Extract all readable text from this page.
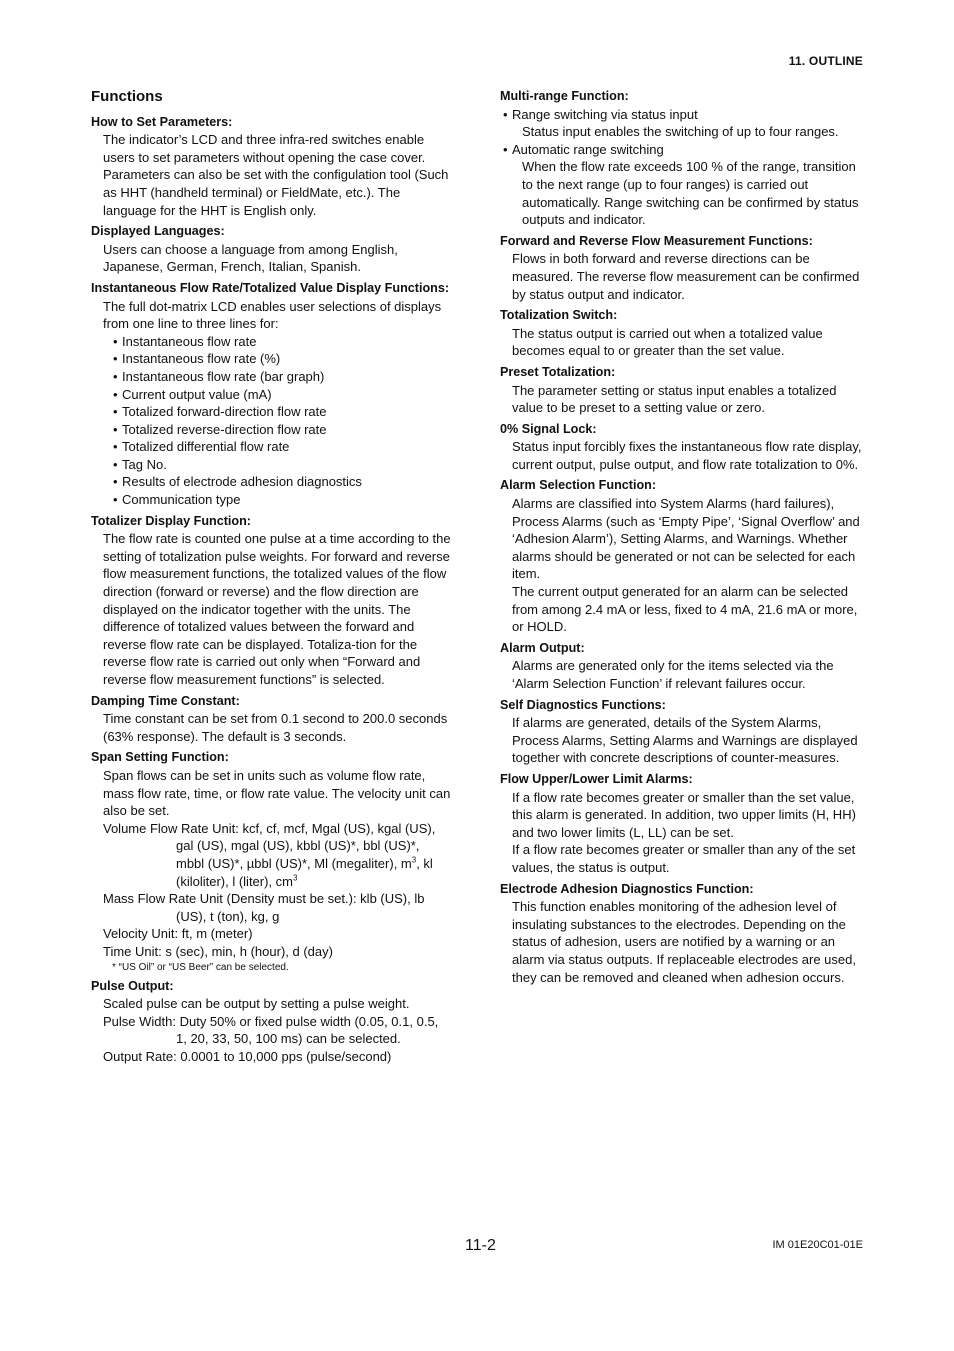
11. OUTLINE
Functions
How to Set Parameters:
The indicator’s LCD and three infra-red switches enable users to set parameters without opening the case cover. Parameters can also be set with the configulation tool (Such as HHT (handheld terminal) or FieldMate, etc.). The language for the HHT is English only.
Displayed Languages:
Users can choose a language from among English, Japanese, German, French, Italian, Spanish.
Instantaneous Flow Rate/Totalized Value Display Functions:
The full dot-matrix LCD enables user selections of displays from one line to three lines for:
• Instantaneous flow rate
• Instantaneous flow rate (%)
• Instantaneous flow rate (bar graph)
• Current output value (mA)
• Totalized forward-direction flow rate
• Totalized reverse-direction flow rate
• Totalized differential flow rate
• Tag No.
• Results of electrode adhesion diagnostics
• Communication type
Totalizer Display Function:
The flow rate is counted one pulse at a time according to the setting of totalization pulse weights. For forward and reverse flow measurement functions, the totalized values of the flow direction (forward or reverse) and the flow direction are displayed on the indicator together with the units. The difference of totalized values between the forward and reverse flow rate can be displayed. Totaliza-tion for the reverse flow rate is carried out only when “Forward and reverse flow measurement functions” is selected.
Damping Time Constant:
Time constant can be set from 0.1 second to 200.0 seconds (63% response). The default is 3 seconds.
Span Setting Function:
Span flows can be set in units such as volume flow rate, mass flow rate, time, or flow rate value. The velocity unit can also be set.
Volume Flow Rate Unit: kcf, cf, mcf, Mgal (US), kgal (US),
gal (US), mgal (US), kbbl (US)*, bbl (US)*,
mbbl (US)*, µbbl (US)*, Ml (megaliter), $m^3$, kl
(kiloliter), l (liter), $cm^3$
Mass Flow Rate Unit (Density must be set.): klb (US), lb
(US), t (ton), kg, g
Velocity Unit: ft, m (meter)
Time Unit: s (sec), min, h (hour), d (day)
* “US Oil” or “US Beer” can be selected.
Pulse Output:
Scaled pulse can be output by setting a pulse weight.
Pulse Width: Duty 50% or fixed pulse width (0.05, 0.1, 0.5,
1, 20, 33, 50, 100 ms) can be selected.
Output Rate: 0.0001 to 10,000 pps (pulse/second)
Multi-range Function:
• Range switching via status input
Status input enables the switching of up to four ranges.
• Automatic range switching
When the flow rate exceeds 100 % of the range, transition to the next range (up to four ranges) is carried out automatically. Range switching can be confirmed by status outputs and indicator.
Forward and Reverse Flow Measurement Functions:
Flows in both forward and reverse directions can be measured. The reverse flow measurement can be confirmed by status output and indicator.
Totalization Switch:
The status output is carried out when a totalized value becomes equal to or greater than the set value.
Preset Totalization:
The parameter setting or status input enables a totalized value to be preset to a setting value or zero.
0% Signal Lock:
Status input forcibly fixes the instantaneous flow rate display, current output, pulse output, and flow rate totalization to 0%.
Alarm Selection Function:
Alarms are classified into System Alarms (hard failures), Process Alarms (such as ‘Empty Pipe’, ‘Signal Overflow’ and ‘Adhesion Alarm’), Setting Alarms, and Warnings. Whether alarms should be generated or not can be selected for each item.
The current output generated for an alarm can be selected from among 2.4 mA or less, fixed to 4 mA, 21.6 mA or more, or HOLD.
Alarm Output:
Alarms are generated only for the items selected via the ‘Alarm Selection Function’ if relevant failures occur.
Self Diagnostics Functions:
If alarms are generated, details of the System Alarms, Process Alarms, Setting Alarms and Warnings are displayed together with concrete descriptions of counter-measures.
Flow Upper/Lower Limit Alarms:
If a flow rate becomes greater or smaller than the set value, this alarm is generated. In addition, two upper limits (H, HH) and two lower limits (L, LL) can be set.
If a flow rate becomes greater or smaller than any of the set values, the status is output.
Electrode Adhesion Diagnostics Function:
This function enables monitoring of the adhesion level of insulating substances to the electrodes. Depending on the status of adhesion, users are notified by a warning or an alarm via status outputs. If replaceable electrodes are used, they can be removed and cleaned when adhesion occurs.
11-2	IM 01E20C01-01E
